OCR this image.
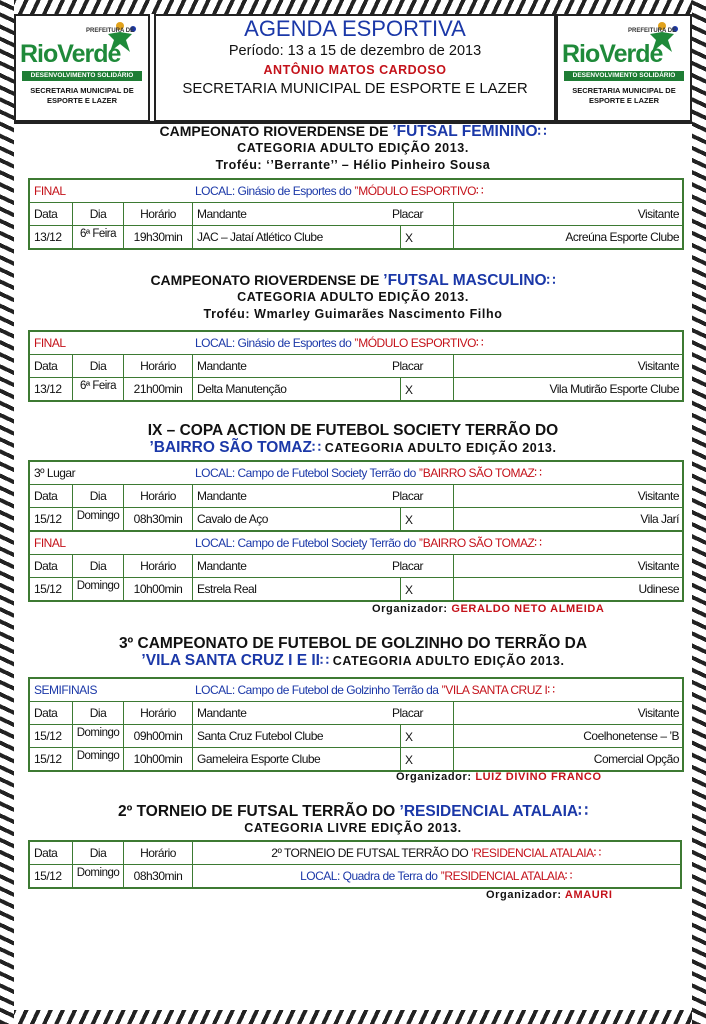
PREFEITURA DE
RioVerde
DESENVOLVIMENTO SOLIDÁRIO
SECRETARIA MUNICIPAL DE
ESPORTE E LAZER
AGENDA ESPORTIVA
Período: 13 a 15 de dezembro de 2013
ANTÔNIO MATOS CARDOSO
SECRETARIA MUNICIPAL DE ESPORTE E LAZER
PREFEITURA DE
RioVerde
DESENVOLVIMENTO SOLIDÁRIO
SECRETARIA MUNICIPAL DE
ESPORTE E LAZER
CAMPEONATO RIOVERDENSE DE ’FUTSAL FEMININO∷
CATEGORIA ADULTO EDIÇÃO 2013.
Troféu: ‘’Berrante’’ – Hélio Pinheiro Sousa
FINAL	LOCAL: Ginásio de Esportes do ’’MÓDULO ESPORTIVO∷
Data	Dia	Horário	Mandante	Placar	Visitante
13/12	6ª Feira	19h30min	JAC – Jataí Atlético Clube	X	Acreúna Esporte Clube
CAMPEONATO RIOVERDENSE DE ’FUTSAL MASCULINO∷
CATEGORIA ADULTO EDIÇÃO 2013.
Troféu: Wmarley Guimarães Nascimento Filho
FINAL	LOCAL: Ginásio de Esportes do ’’MÓDULO ESPORTIVO∷
Data	Dia	Horário	Mandante	Placar	Visitante
13/12	6ª Feira	21h00min	Delta Manutenção	X	Vila Mutirão Esporte Clube
IX – COPA ACTION DE FUTEBOL SOCIETY TERRÃO DO
’BAIRRO SÃO TOMAZ∷ CATEGORIA ADULTO EDIÇÃO 2013.
3º Lugar	LOCAL: Campo de Futebol Society Terrão do ’’BAIRRO SÃO TOMAZ∷
Data	Dia	Horário	Mandante	Placar	Visitante
15/12	Domingo	08h30min	Cavalo de Aço	X	Vila Jarí
FINAL	LOCAL: Campo de Futebol Society Terrão do ’’BAIRRO SÃO TOMAZ∷
Data	Dia	Horário	Mandante	Placar	Visitante
15/12	Domingo	10h00min	Estrela Real	X	Udinese
Organizador: GERALDO NETO ALMEIDA
3º CAMPEONATO DE FUTEBOL DE GOLZINHO DO TERRÃO DA
’VILA SANTA CRUZ I E II∷ CATEGORIA ADULTO EDIÇÃO 2013.
SEMIFINAIS	LOCAL: Campo de Futebol de Golzinho Terrão da ’’VILA SANTA CRUZ I∷
Data	Dia	Horário	Mandante	Placar	Visitante
15/12	Domingo	09h00min	Santa Cruz Futebol Clube	X	Coelhonetense – ’B
15/12	Domingo	10h00min	Gameleira Esporte Clube	X	Comercial Opção
Organizador: LUIZ DIVINO FRANCO
2º TORNEIO DE FUTSAL TERRÃO DO ’RESIDENCIAL ATALAIA∷
CATEGORIA LIVRE EDIÇÃO 2013.
Data	Dia	Horário	2º TORNEIO DE FUTSAL TERRÃO DO ’RESIDENCIAL ATALAIA∷
15/12	Domingo	08h30min	LOCAL: Quadra de Terra do ’’RESIDENCIAL ATALAIA∷
Organizador: AMAURI
